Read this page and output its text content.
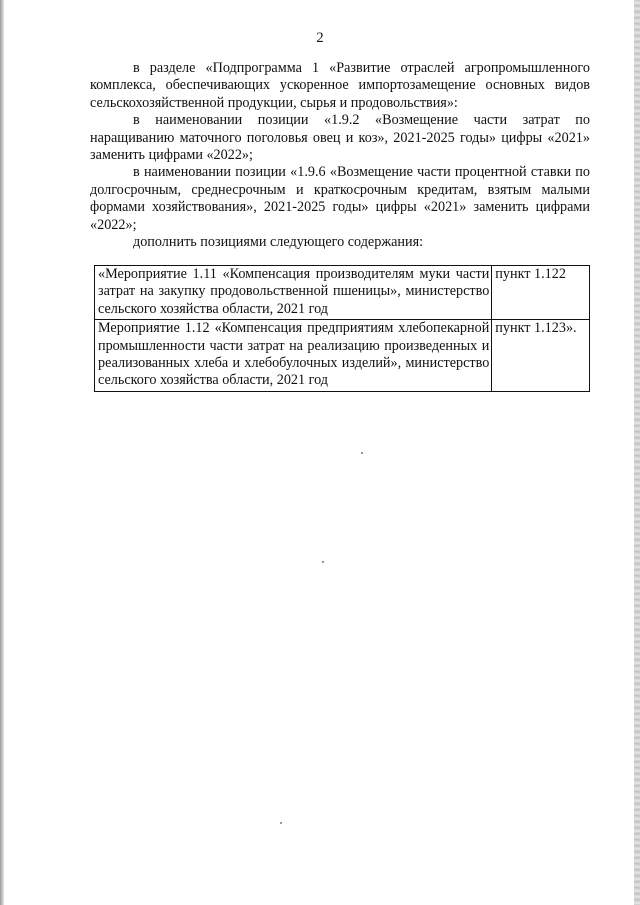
2

в разделе «Подпрограмма 1 «Развитие отраслей агропромышленного комплекса, обеспечивающих ускоренное импортозамещение основных видов сельскохозяйственной продукции, сырья и продовольствия»:

в наименовании позиции «1.9.2 «Возмещение части затрат по наращиванию маточного поголовья овец и коз», 2021-2025 годы» цифры «2021» заменить цифрами «2022»;

в наименовании позиции «1.9.6 «Возмещение части процентной ставки по долгосрочным, среднесрочным и краткосрочным кредитам, взятым малыми формами хозяйствования», 2021-2025 годы» цифры «2021» заменить цифрами «2022»;

дополнить позициями следующего содержания:

«Мероприятие 1.11 «Компенсация производителям муки части затрат на закупку продовольственной пшеницы», министерство сельского хозяйства области, 2021 год	пункт 1.122
Мероприятие 1.12 «Компенсация предприятиям хлебопекарной промышленности части затрат на реализацию произведенных и реализованных хлеба и хлебобулочных изделий», министерство сельского хозяйства области, 2021 год	пункт 1.123».
